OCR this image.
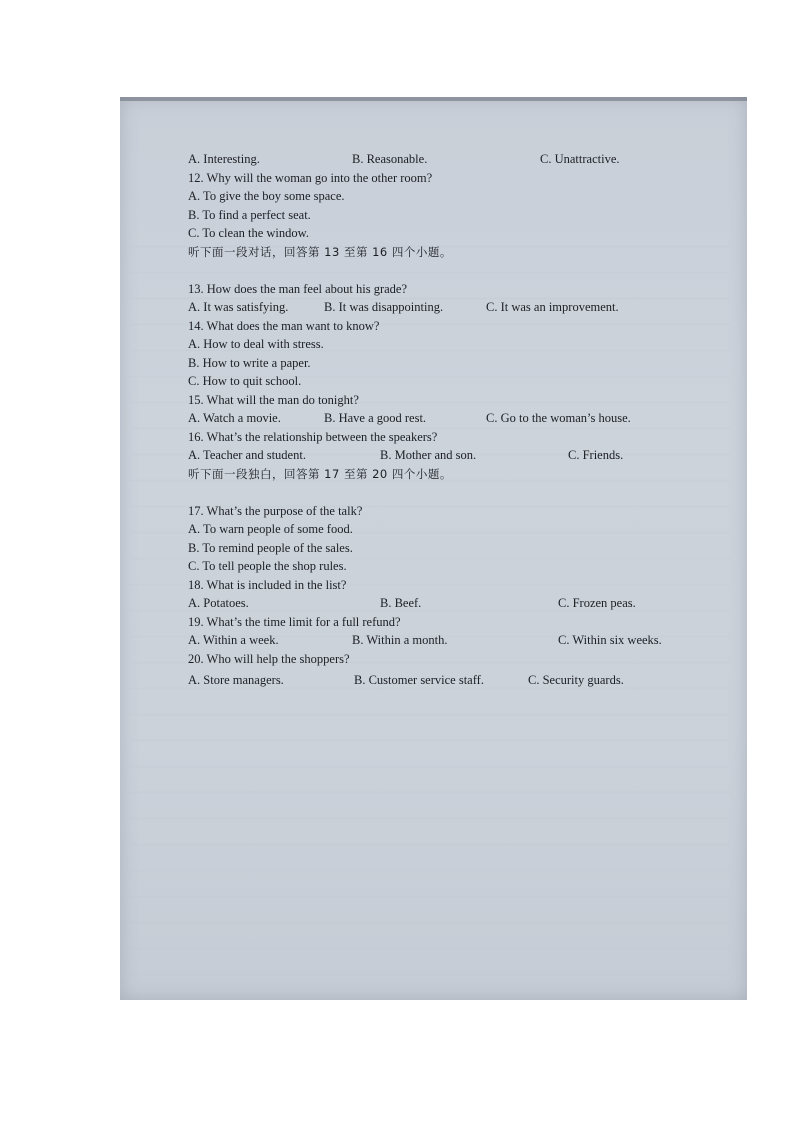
A. Interesting.	B. Reasonable.	C. Unattractive.
12. Why will the woman go into the other room?
A. To give the boy some space.
B. To find a perfect seat.
C. To clean the window.
听下面一段对话，回答第 13 至第 16 四个小题。
13. How does the man feel about his grade?
A. It was satisfying.	B. It was disappointing.	C. It was an improvement.
14. What does the man want to know?
A. How to deal with stress.
B. How to write a paper.
C. How to quit school.
15. What will the man do tonight?
A. Watch a movie.	B. Have a good rest.	C. Go to the woman’s house.
16. What’s the relationship between the speakers?
A. Teacher and student.	B. Mother and son.	C. Friends.
听下面一段独白，回答第 17 至第 20 四个小题。
17. What’s the purpose of the talk?
A. To warn people of some food.
B. To remind people of the sales.
C. To tell people the shop rules.
18. What is included in the list?
A. Potatoes.	B. Beef.	C. Frozen peas.
19. What’s the time limit for a full refund?
A. Within a week.	B. Within a month.	C. Within six weeks.
20. Who will help the shoppers?
A. Store managers.	B. Customer service staff.	C. Security guards.
